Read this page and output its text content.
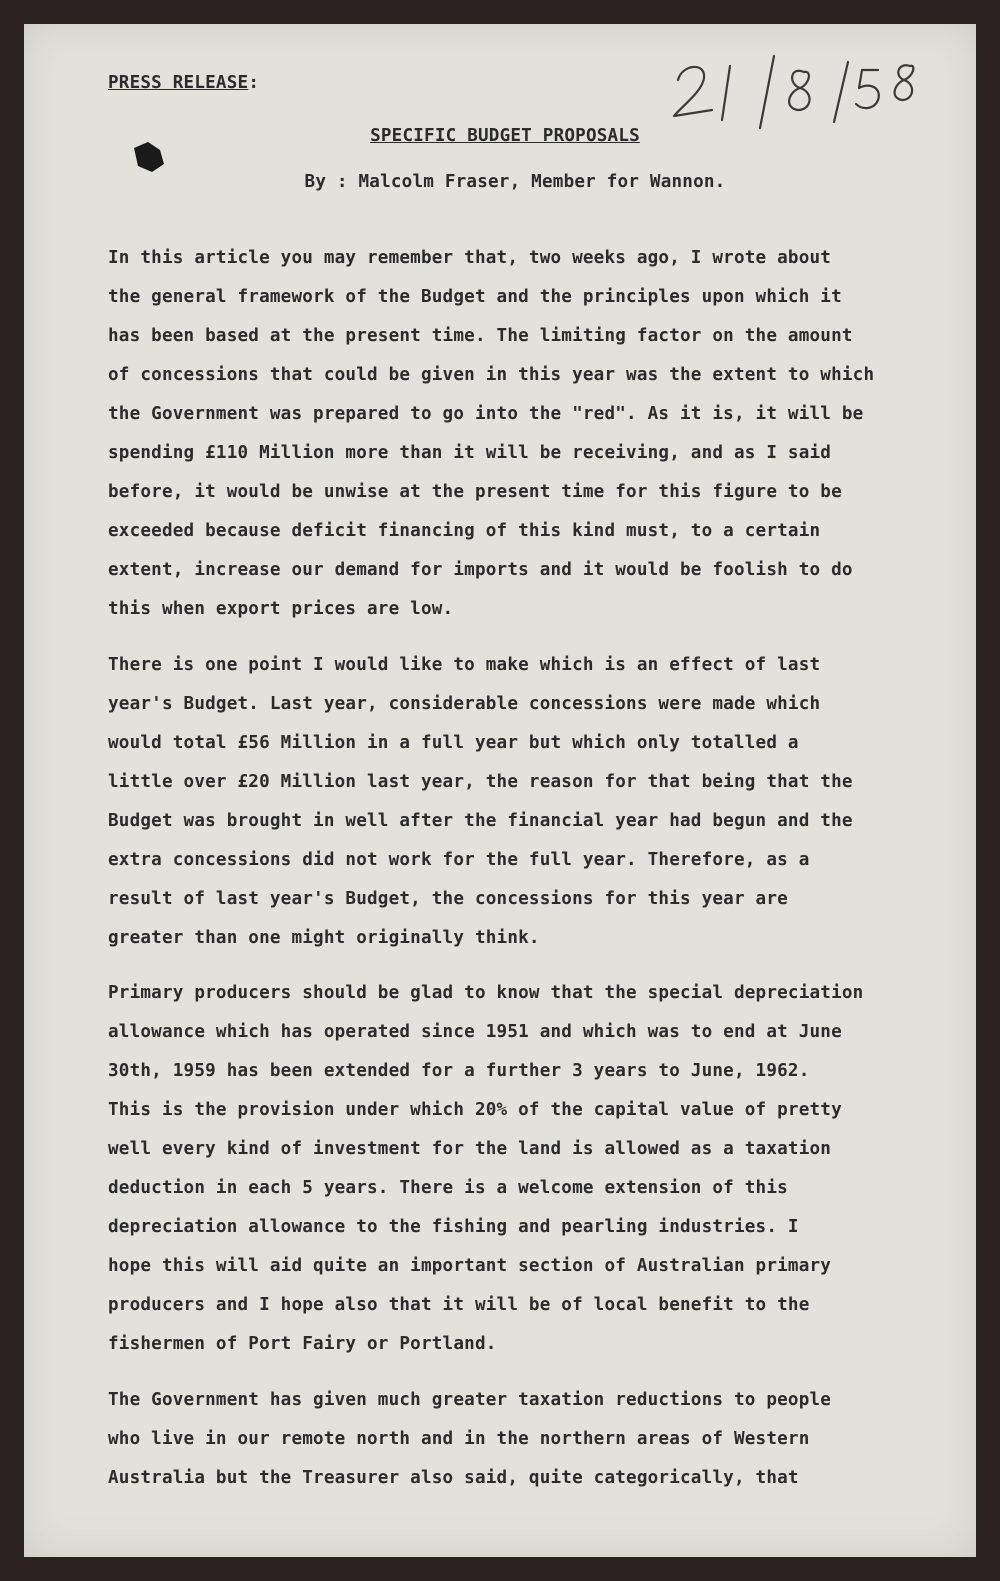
PRESS RELEASE:
SPECIFIC BUDGET PROPOSALS
By : Malcolm Fraser, Member for Wannon.
In this article you may remember that, two weeks ago, I wrote about
the general framework of the Budget and the principles upon which it
has been based at the present time. The limiting factor on the amount
of concessions that could be given in this year was the extent to which
the Government was prepared to go into the "red". As it is, it will be
spending £110 Million more than it will be receiving, and as I said
before, it would be unwise at the present time for this figure to be
exceeded because deficit financing of this kind must, to a certain
extent, increase our demand for imports and it would be foolish to do
this when export prices are low.
There is one point I would like to make which is an effect of last
year's Budget. Last year, considerable concessions were made which
would total £56 Million in a full year but which only totalled a
little over £20 Million last year, the reason for that being that the
Budget was brought in well after the financial year had begun and the
extra concessions did not work for the full year. Therefore, as a
result of last year's Budget, the concessions for this year are
greater than one might originally think.
Primary producers should be glad to know that the special depreciation
allowance which has operated since 1951 and which was to end at June
30th, 1959 has been extended for a further 3 years to June, 1962.
This is the provision under which 20% of the capital value of pretty
well every kind of investment for the land is allowed as a taxation
deduction in each 5 years. There is a welcome extension of this
depreciation allowance to the fishing and pearling industries. I
hope this will aid quite an important section of Australian primary
producers and I hope also that it will be of local benefit to the
fishermen of Port Fairy or Portland.
The Government has given much greater taxation reductions to people
who live in our remote north and in the northern areas of Western
Australia but the Treasurer also said, quite categorically, that
